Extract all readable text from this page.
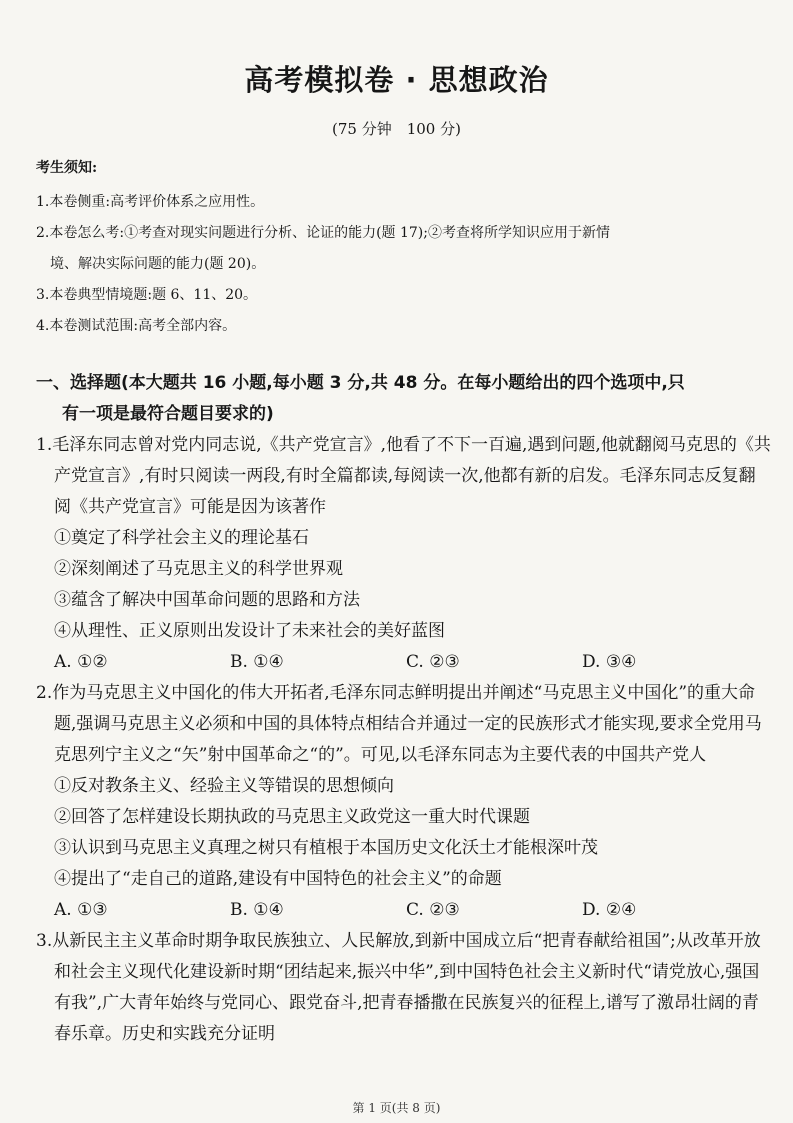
高考模拟卷 · 思想政治

(75 分钟　100 分)

考生须知:

1.本卷侧重:高考评价体系之应用性。

2.本卷怎么考:①考查对现实问题进行分析、论证的能力(题 17);②考查将所学知识应用于新情

境、解决实际问题的能力(题 20)。

3.本卷典型情境题:题 6、11、20。

4.本卷测试范围:高考全部内容。

一、选择题(本大题共 16 小题,每小题 3 分,共 48 分。在每小题给出的四个选项中,只
有一项是最符合题目要求的)

1.毛泽东同志曾对党内同志说,《共产党宣言》,他看了不下一百遍,遇到问题,他就翻阅马克思的《共产党宣言》,有时只阅读一两段,有时全篇都读,每阅读一次,他都有新的启发。毛泽东同志反复翻阅《共产党宣言》可能是因为该著作

①奠定了科学社会主义的理论基石

②深刻阐述了马克思主义的科学世界观

③蕴含了解决中国革命问题的思路和方法

④从理性、正义原则出发设计了未来社会的美好蓝图

A. ①②	B. ①④	C. ②③	D. ③④

2.作为马克思主义中国化的伟大开拓者,毛泽东同志鲜明提出并阐述“马克思主义中国化”的重大命题,强调马克思主义必须和中国的具体特点相结合并通过一定的民族形式才能实现,要求全党用马克思列宁主义之“矢”射中国革命之“的”。可见,以毛泽东同志为主要代表的中国共产党人

①反对教条主义、经验主义等错误的思想倾向

②回答了怎样建设长期执政的马克思主义政党这一重大时代课题

③认识到马克思主义真理之树只有植根于本国历史文化沃土才能根深叶茂

④提出了“走自己的道路,建设有中国特色的社会主义”的命题

A. ①③	B. ①④	C. ②③	D. ②④

3.从新民主主义革命时期争取民族独立、人民解放,到新中国成立后“把青春献给祖国”;从改革开放和社会主义现代化建设新时期“团结起来,振兴中华”,到中国特色社会主义新时代“请党放心,强国有我”,广大青年始终与党同心、跟党奋斗,把青春播撒在民族复兴的征程上,谱写了激昂壮阔的青春乐章。历史和实践充分证明

第 1 页(共 8 页)
